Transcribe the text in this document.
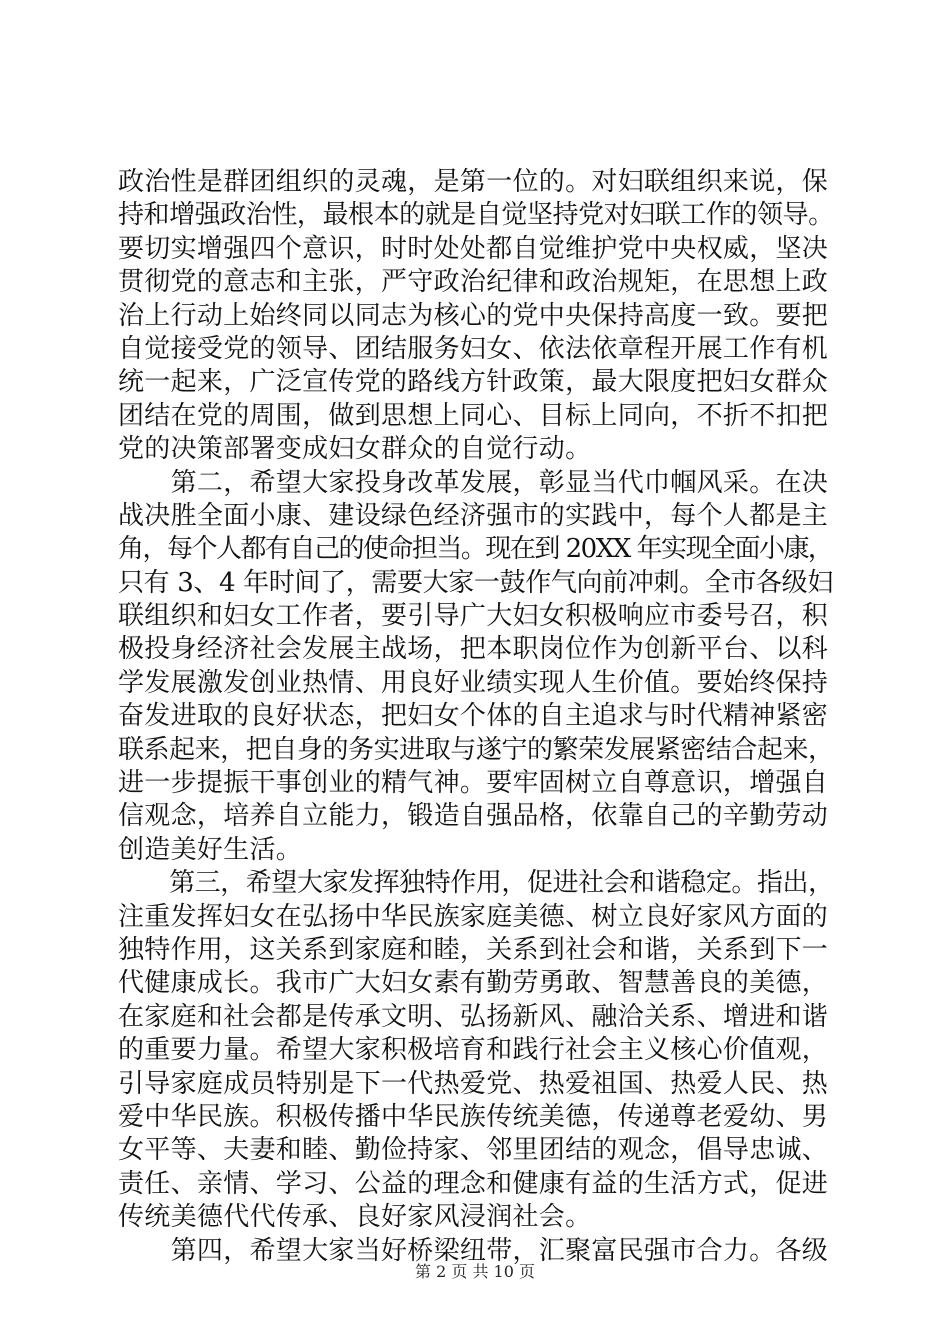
政治性是群团组织的灵魂，是第一位的。对妇联组织来说，保
持和增强政治性，最根本的就是自觉坚持党对妇联工作的领导。
要切实增强四个意识，时时处处都自觉维护党中央权威，坚决
贯彻党的意志和主张，严守政治纪律和政治规矩，在思想上政
治上行动上始终同以同志为核心的党中央保持高度一致。要把
自觉接受党的领导、团结服务妇女、依法依章程开展工作有机
统一起来，广泛宣传党的路线方针政策，最大限度把妇女群众
团结在党的周围，做到思想上同心、目标上同向，不折不扣把
党的决策部署变成妇女群众的自觉行动。
　　第二，希望大家投身改革发展，彰显当代巾帼风采。在决
战决胜全面小康、建设绿色经济强市的实践中，每个人都是主
角，每个人都有自己的使命担当。现在到 20XX 年实现全面小康，
只有 3、4 年时间了，需要大家一鼓作气向前冲刺。全市各级妇
联组织和妇女工作者，要引导广大妇女积极响应市委号召，积
极投身经济社会发展主战场，把本职岗位作为创新平台、以科
学发展激发创业热情、用良好业绩实现人生价值。要始终保持
奋发进取的良好状态，把妇女个体的自主追求与时代精神紧密
联系起来，把自身的务实进取与遂宁的繁荣发展紧密结合起来，
进一步提振干事创业的精气神。要牢固树立自尊意识，增强自
信观念，培养自立能力，锻造自强品格，依靠自己的辛勤劳动
创造美好生活。
　　第三，希望大家发挥独特作用，促进社会和谐稳定。指出，
注重发挥妇女在弘扬中华民族家庭美德、树立良好家风方面的
独特作用，这关系到家庭和睦，关系到社会和谐，关系到下一
代健康成长。我市广大妇女素有勤劳勇敢、智慧善良的美德，
在家庭和社会都是传承文明、弘扬新风、融洽关系、增进和谐
的重要力量。希望大家积极培育和践行社会主义核心价值观，
引导家庭成员特别是下一代热爱党、热爱祖国、热爱人民、热
爱中华民族。积极传播中华民族传统美德，传递尊老爱幼、男
女平等、夫妻和睦、勤俭持家、邻里团结的观念，倡导忠诚、
责任、亲情、学习、公益的理念和健康有益的生活方式，促进
传统美德代代传承、良好家风浸润社会。
　　第四，希望大家当好桥梁纽带，汇聚富民强市合力。各级
第 2 页 共 10 页
